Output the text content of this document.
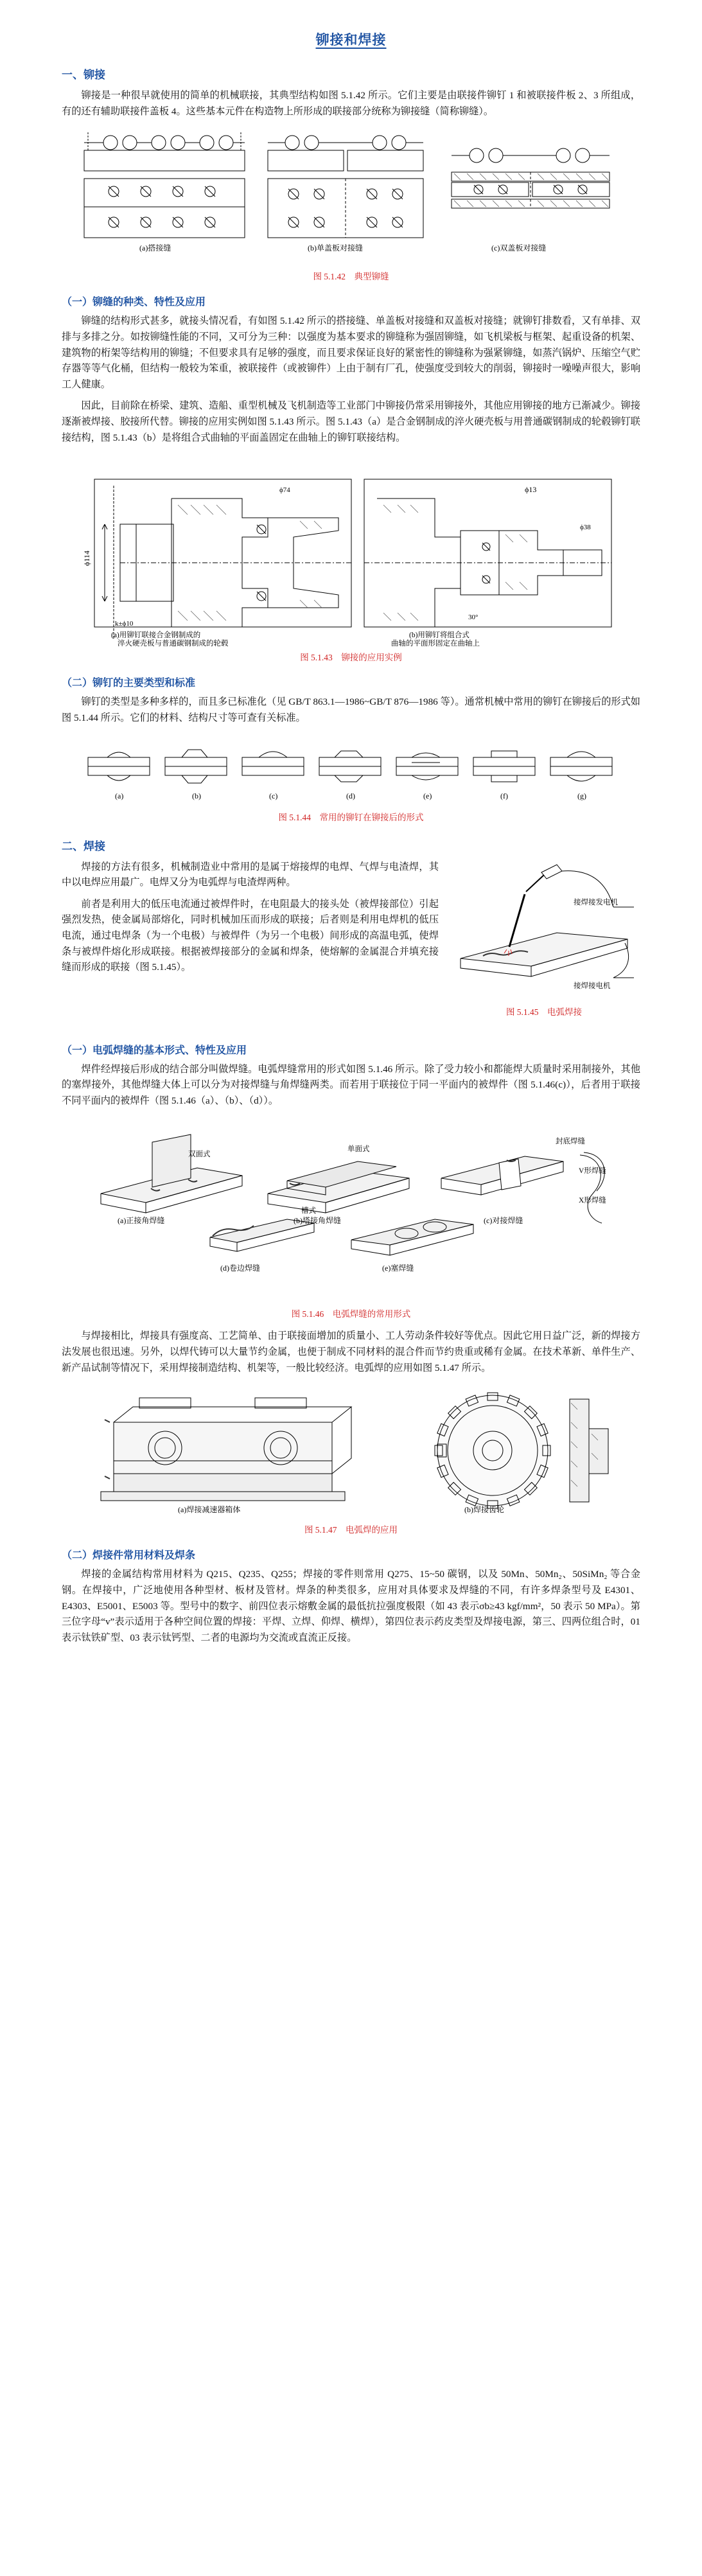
铆接和焊接
一、铆接

铆接是一种很早就使用的简单的机械联接，其典型结构如图 5.1.42 所示。它们主要是由联接件铆钉 1 和被联接件板 2、3 所组成，有的还有辅助联接件盖板 4。这些基本元件在构造物上所形成的联接部分统称为铆接缝（简称铆缝）。

(a)搭接缝	(b)单盖板对接缝	(c)双盖板对接缝
图 5.1.42　典型铆缝
（一）铆缝的种类、特性及应用

铆缝的结构形式甚多，就接头情况看，有如图 5.1.42 所示的搭接缝、单盖板对接缝和双盖板对接缝；就铆钉排数看，又有单排、双排与多排之分。如按铆缝性能的不同，又可分为三种：以强度为基本要求的铆缝称为强固铆缝，如飞机梁板与框架、起重设备的机架、建筑物的桁架等结构用的铆缝；不但要求具有足够的强度，而且要求保证良好的紧密性的铆缝称为强紧铆缝，如蒸汽锅炉、压缩空气贮存器等等气化桶，但结构一般较为笨重，被联接件（或被铆件）上由于制有厂孔，使强度受到较大的削弱，铆接时一噪噪声很大，影响工人健康。

因此，目前除在桥梁、建筑、造船、重型机械及飞机制造等工业部门中铆接仍常采用铆接外，其他应用铆接的地方已渐减少。铆接逐渐被焊接、胶接所代替。铆接的应用实例如图 5.1.43 所示。图 5.1.43（a）是合金钢制成的淬火硬壳板与用普通碳钢制成的轮毂铆钉联接结构，图 5.1.43（b）是将组合式曲轴的平面盖固定在曲轴上的铆钉联接结构。

ϕ114
k±ϕ10
ϕ74	ϕ13
ϕ38
30°
(a)用铆钉联接合金钢制成的
淬火硬壳板与普通碳钢制成的轮毂
(b)用铆钉将组合式
曲轴的平面形固定在曲轴上
图 5.1.43　铆接的应用实例
（二）铆钉的主要类型和标准

铆钉的类型是多种多样的，而且多已标准化（见 GB/T 863.1—1986~GB/T 876—1986 等）。通常机械中常用的铆钉在铆接后的形式如图 5.1.44 所示。它们的材料、结构尺寸等可查有关标准。

(a)	(b)	(c)	(d)	(e)	(f)	(g)
图 5.1.44　常用的铆钉在铆接后的形式
二、焊接
接焊接发电机
接焊接电机
图 5.1.45　电弧焊接

焊接的方法有很多，机械制造业中常用的是属于熔接焊的电焊、气焊与电渣焊，其中以电焊应用最广。电焊又分为电弧焊与电渣焊两种。

前者是利用大的低压电流通过被焊件时，在电阻最大的接头处（被焊接部位）引起强烈发热，使金属局部熔化，同时机械加压而形成的联接；后者则是利用电焊机的低压电流，通过电焊条（为一个电极）与被焊件（为另一个电极）间形成的高温电弧，使焊条与被焊件熔化形成联接。根据被焊接部分的金属和焊条，使熔解的金属混合并填充接缝而形成的联接（图 5.1.45）。

（一）电弧焊缝的基本形式、特性及应用

焊件经焊接后形成的结合部分叫做焊缝。电弧焊缝常用的形式如图 5.1.46 所示。除了受力较小和都能焊大质量时采用制接外，其他的塞焊接外，其他焊缝大体上可以分为对接焊缝与角焊缝两类。而若用于联接位于同一平面内的被焊件（图 5.1.46(c)），后者用于联接不同平面内的被焊件（图 5.1.46（a）、（b）、（d））。

双面式
单面式
槽式
封底焊缝
V形焊缝
X形焊缝
(a)正接角焊缝	(b)塔接角焊缝	(c)对接焊缝
(d)卷边焊缝	(e)塞焊缝
图 5.1.46　电弧焊缝的常用形式

与焊接相比，焊接具有强度高、工艺简单、由于联接面增加的质量小、工人劳动条件较好等优点。因此它用日益广泛，新的焊接方法发展也很迅速。另外，以焊代铸可以大量节约金属，也便于制成不同材料的混合件而节约贵重或稀有金属。在技术革新、单件生产、新产品试制等情况下，采用焊接制造结构、机架等，一般比较经济。电弧焊的应用如图 5.1.47 所示。

(a)焊接减速器箱体	(b)焊接齿轮
图 5.1.47　电弧焊的应用
（二）焊接件常用材料及焊条

焊接的金属结构常用材料为 Q215、Q235、Q255；焊接的零件则常用 Q275、15~50 碳钢，以及 50Mn、50Mn₂、50SiMn₂ 等合金钢。在焊接中，广泛地使用各种型材、板材及管材。焊条的种类很多，应用对具体要求及焊缝的不同，有许多焊条型号及 E4301、E4303、E5001、E5003 等。型号中的数字、前四位表示熔敷金属的最低抗拉强度极限（如 43 表示σb≥43 kgf/mm²，50 表示 50 MPa）。第三位字母“v”表示适用于各种空间位置的焊接：平焊、立焊、仰焊、横焊），第四位表示药皮类型及焊接电源，第三、四两位组合时，01 表示钛铁矿型、03 表示钛钙型、二者的电源均为交流或直流正反接。
